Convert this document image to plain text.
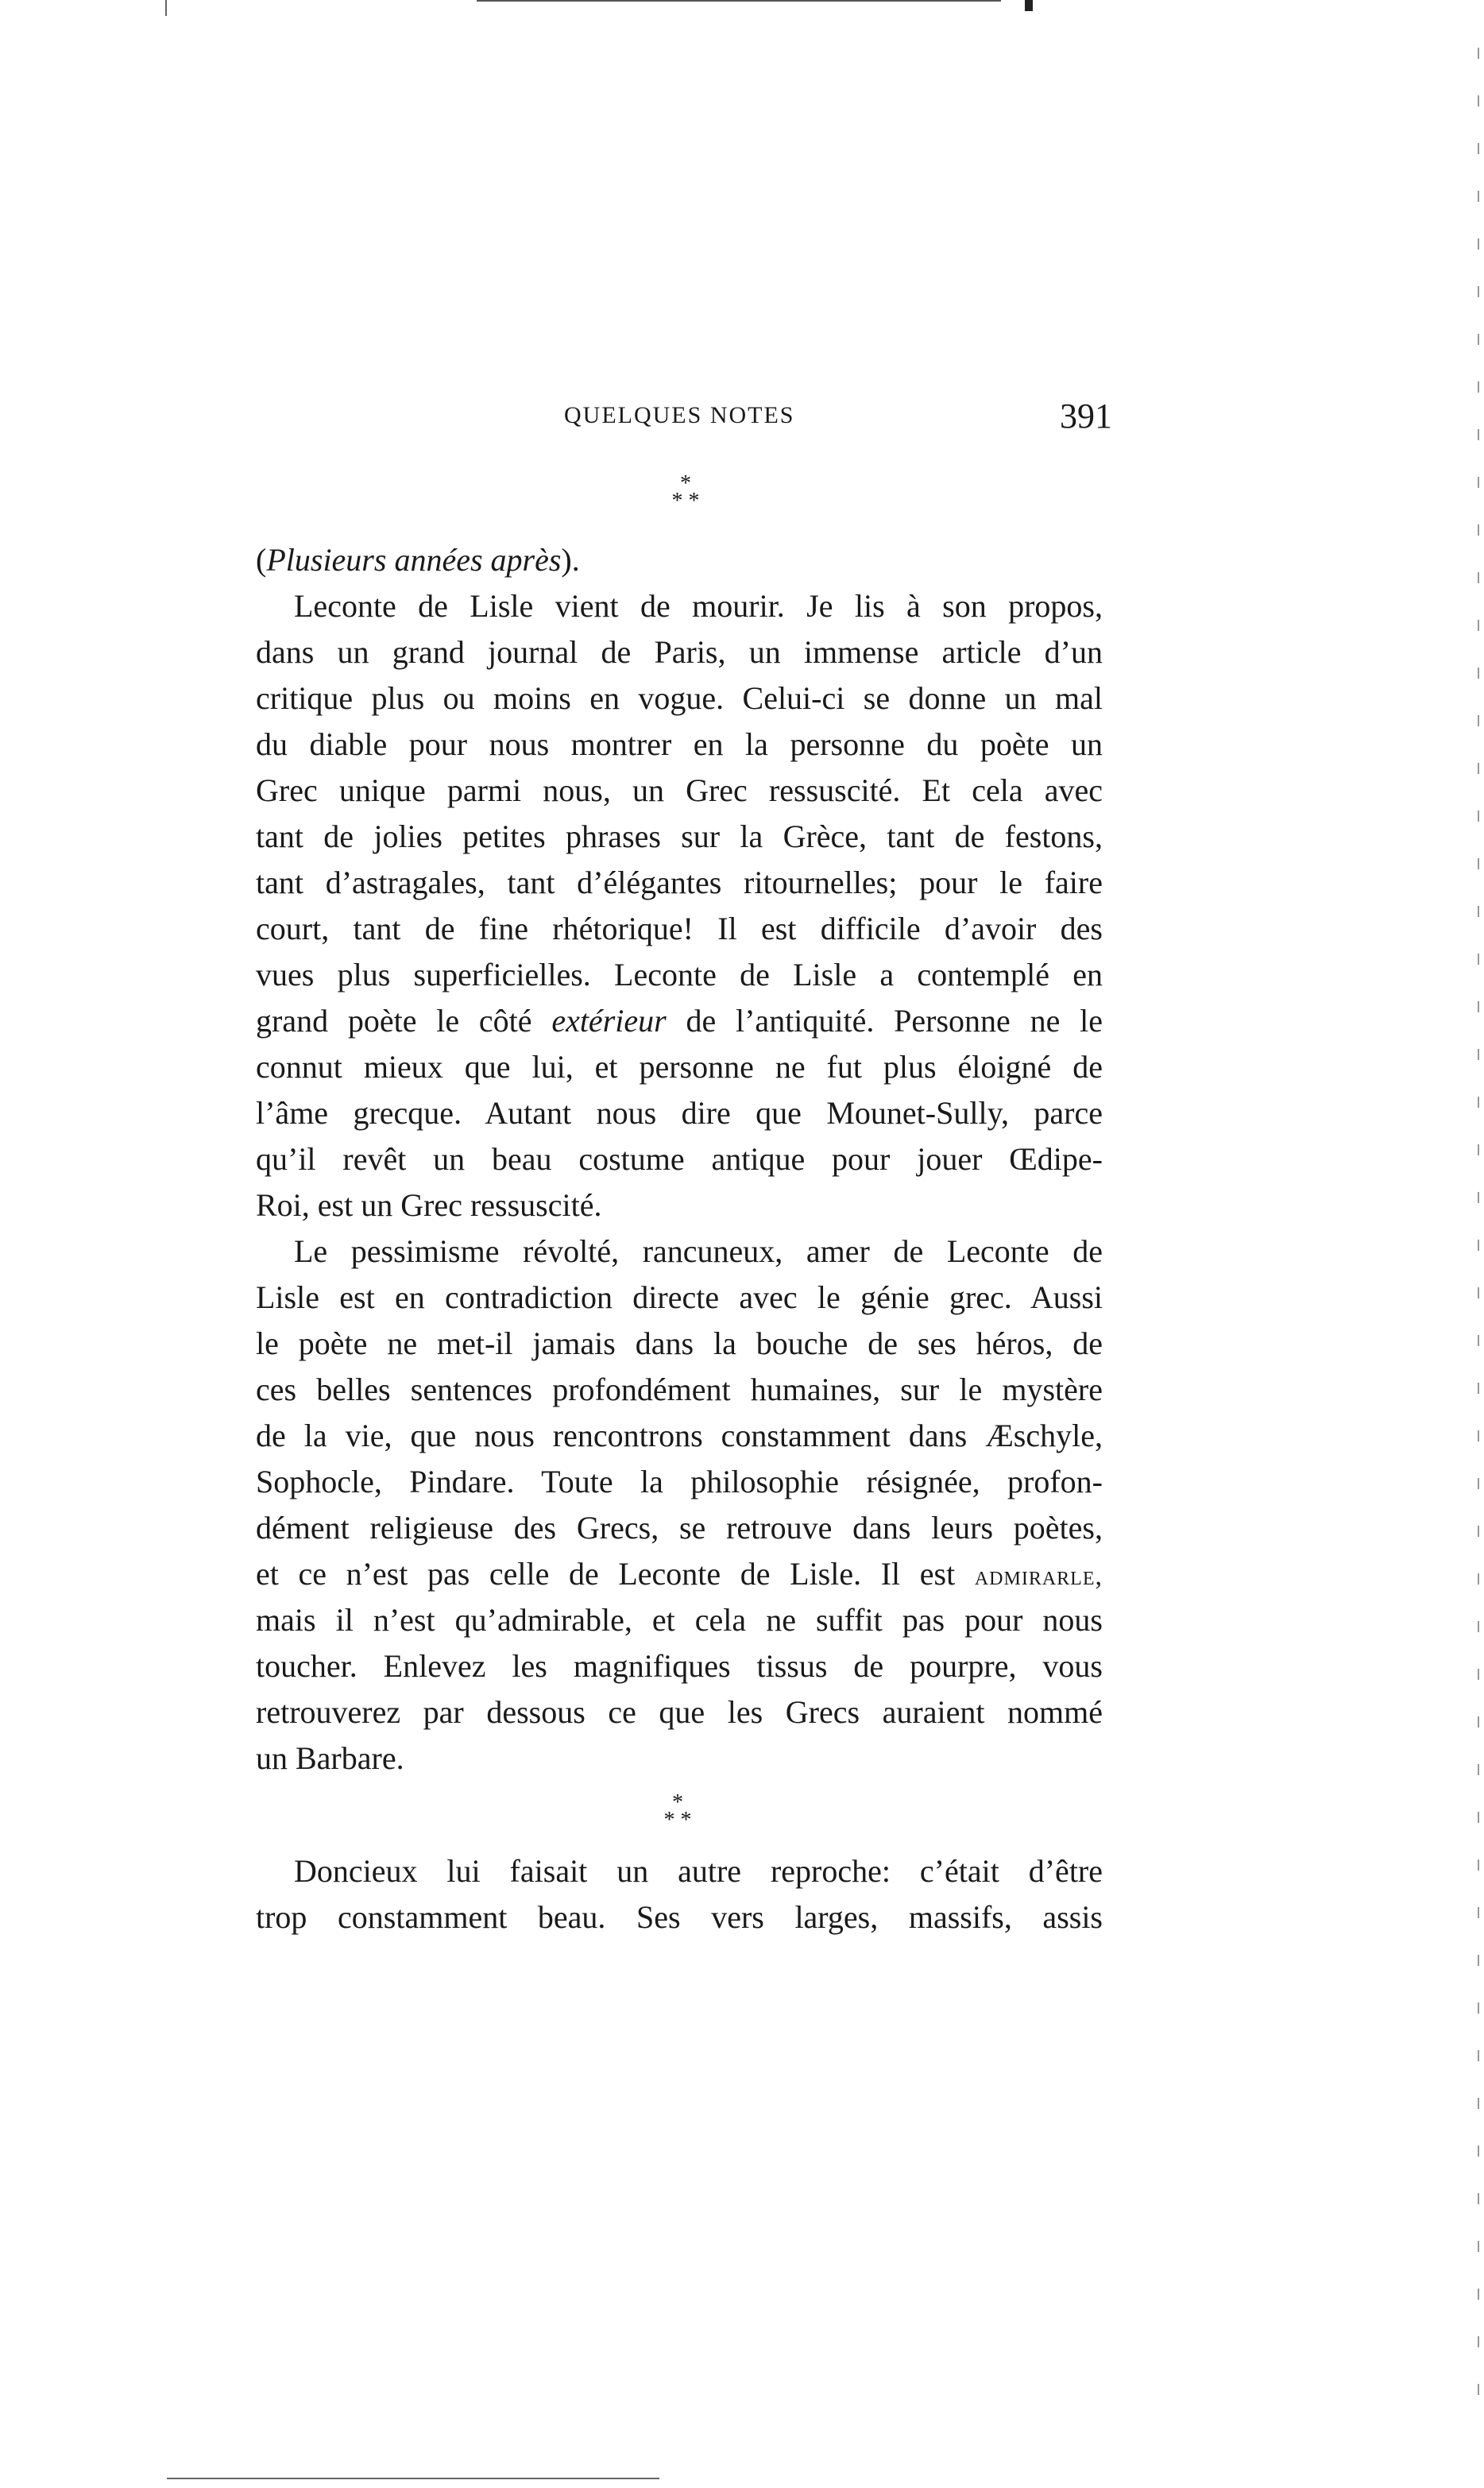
QUELQUES NOTES	391
*
* *
(Plusieurs années après).
Leconte de Lisle vient de mourir. Je lis à son propos,
dans un grand journal de Paris, un immense article d’un
critique plus ou moins en vogue. Celui-ci se donne un mal
du diable pour nous montrer en la personne du poète un
Grec unique parmi nous, un Grec ressuscité. Et cela avec
tant de jolies petites phrases sur la Grèce, tant de festons,
tant d’astragales, tant d’élégantes ritournelles; pour le faire
court, tant de fine rhétorique! Il est difficile d’avoir des
vues plus superficielles. Leconte de Lisle a contemplé en
grand poète le côté extérieur de l’antiquité. Personne ne le
connut mieux que lui, et personne ne fut plus éloigné de
l’âme grecque. Autant nous dire que Mounet-Sully, parce
qu’il revêt un beau costume antique pour jouer Œdipe-
Roi, est un Grec ressuscité.
Le pessimisme révolté, rancuneux, amer de Leconte de
Lisle est en contradiction directe avec le génie grec. Aussi
le poète ne met-il jamais dans la bouche de ses héros, de
ces belles sentences profondément humaines, sur le mystère
de la vie, que nous rencontrons constamment dans Æschyle,
Sophocle, Pindare. Toute la philosophie résignée, profon-
dément religieuse des Grecs, se retrouve dans leurs poètes,
et ce n’est pas celle de Leconte de Lisle. Il est admirarle,
mais il n’est qu’admirable, et cela ne suffit pas pour nous
toucher. Enlevez les magnifiques tissus de pourpre, vous
retrouverez par dessous ce que les Grecs auraient nommé
un Barbare.
*
* *
Doncieux lui faisait un autre reproche: c’était d’être
trop constamment beau. Ses vers larges, massifs, assis
